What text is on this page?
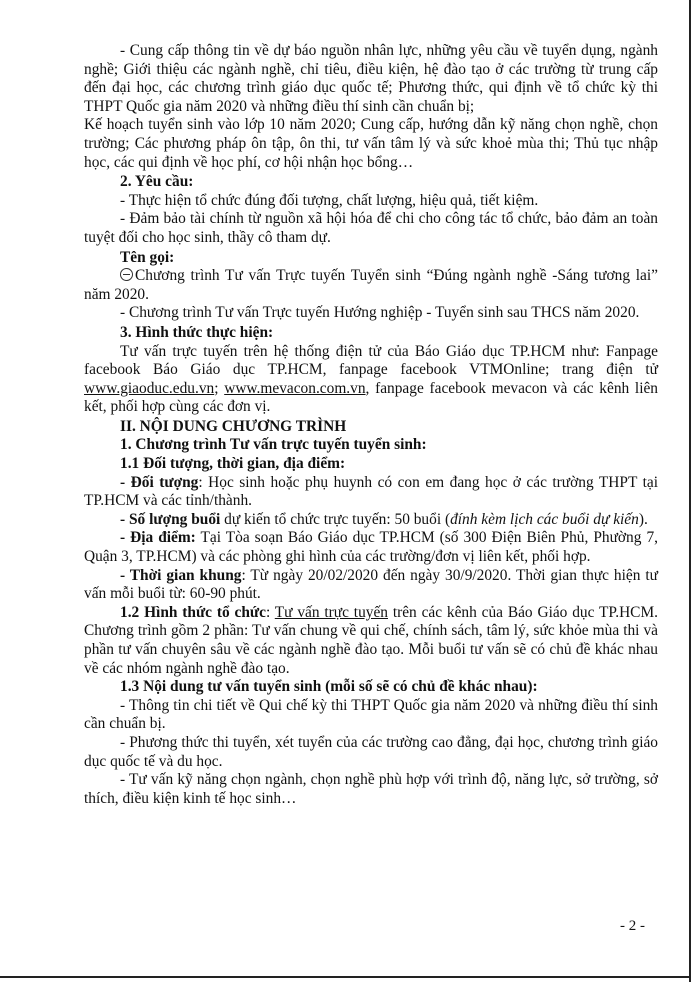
- Cung cấp thông tin về dự báo nguồn nhân lực, những yêu cầu về tuyển dụng, ngành nghề; Giới thiệu các ngành nghề, chỉ tiêu, điều kiện, hệ đào tạo ở các trường từ trung cấp đến đại học, các chương trình giáo dục quốc tế; Phương thức, qui định về tổ chức kỳ thi THPT Quốc gia năm 2020 và những điều thí sinh cần chuẩn bị;

Kế hoạch tuyển sinh vào lớp 10 năm 2020; Cung cấp, hướng dẫn kỹ năng chọn nghề, chọn trường; Các phương pháp ôn tập, ôn thi, tư vấn tâm lý và sức khoẻ mùa thi; Thủ tục nhập học, các qui định về học phí, cơ hội nhận học bổng…

2. Yêu cầu:

- Thực hiện tổ chức đúng đối tượng, chất lượng, hiệu quả, tiết kiệm.

- Đảm bảo tài chính từ nguồn xã hội hóa để chi cho công tác tổ chức, bảo đảm an toàn tuyệt đối cho học sinh, thầy cô tham dự.

Tên gọi:

Chương trình Tư vấn Trực tuyến Tuyển sinh “Đúng ngành nghề -Sáng tương lai” năm 2020.

- Chương trình Tư vấn Trực tuyến Hướng nghiệp - Tuyển sinh sau THCS năm 2020.

3. Hình thức thực hiện:

Tư vấn trực tuyến trên hệ thống điện tử của Báo Giáo dục TP.HCM như: Fanpage facebook Báo Giáo dục TP.HCM, fanpage facebook VTMOnline; trang điện tử www.giaoduc.edu.vn; www.mevacon.com.vn, fanpage facebook mevacon và các kênh liên kết, phối hợp cùng các đơn vị.

II. NỘI DUNG CHƯƠNG TRÌNH

1. Chương trình Tư vấn trực tuyến tuyển sinh:

1.1 Đối tượng, thời gian, địa điểm:

- Đối tượng: Học sinh hoặc phụ huynh có con em đang học ở các trường THPT tại TP.HCM và các tỉnh/thành.

- Số lượng buổi dự kiến tổ chức trực tuyến: 50 buổi (đính kèm lịch các buổi dự kiến).

- Địa điểm: Tại Tòa soạn Báo Giáo dục TP.HCM (số 300 Điện Biên Phủ, Phường 7, Quận 3, TP.HCM) và các phòng ghi hình của các trường/đơn vị liên kết, phối hợp.

- Thời gian khung: Từ ngày 20/02/2020 đến ngày 30/9/2020. Thời gian thực hiện tư vấn mỗi buổi từ: 60-90 phút.

1.2 Hình thức tổ chức: Tư vấn trực tuyến trên các kênh của Báo Giáo dục TP.HCM. Chương trình gồm 2 phần: Tư vấn chung về qui chế, chính sách, tâm lý, sức khỏe mùa thi và phần tư vấn chuyên sâu về các ngành nghề đào tạo. Mỗi buổi tư vấn sẽ có chủ đề khác nhau về các nhóm ngành nghề đào tạo.

1.3 Nội dung tư vấn tuyển sinh (mỗi số sẽ có chủ đề khác nhau):

- Thông tin chi tiết về Qui chế kỳ thi THPT Quốc gia năm 2020 và những điều thí sinh cần chuẩn bị.

- Phương thức thi tuyển, xét tuyển của các trường cao đẳng, đại học, chương trình giáo dục quốc tế và du học.

- Tư vấn kỹ năng chọn ngành, chọn nghề phù hợp với trình độ, năng lực, sở trường, sở thích, điều kiện kinh tế học sinh…

- 2 -
